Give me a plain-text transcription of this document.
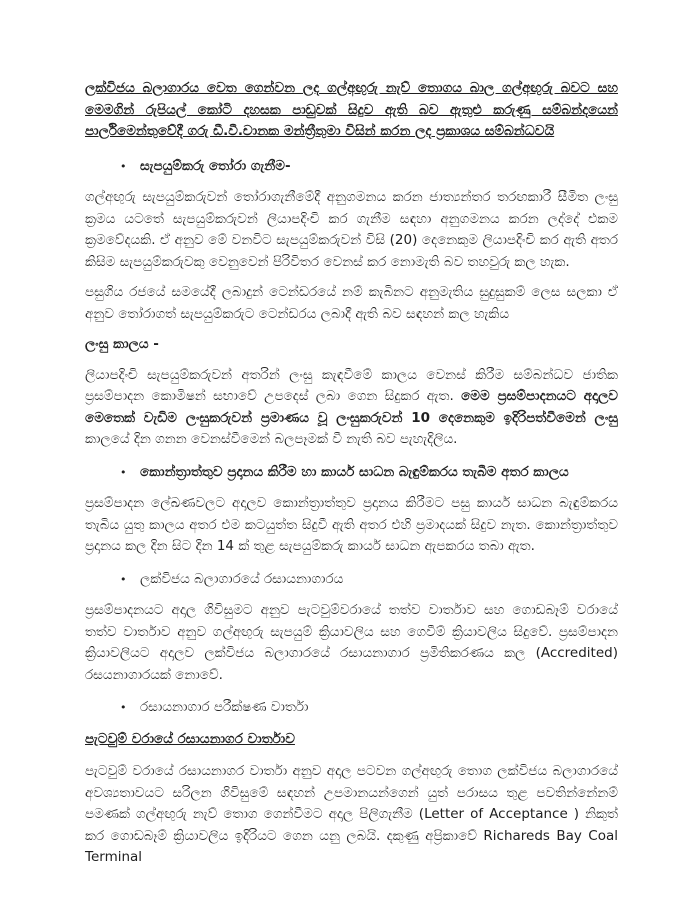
ලක්විජය බලාගාරය වෙත ගෙන්වන ලද ගල්අඟුරු නැව් තොගය බාල ගල්අඟුරු බවට සහ මෙමගින් රුපියල් කෝටි දහසක පාඩුවක් සිදුව ඇති බව ඇතුළු කරුණු සම්බන්දයෙන් පාර්ලිමෙන්තුවේදී ගරු ඩී.වී.චානක මන්ත්‍රීතුමා විසින් කරන ලද ප්‍රකාශය සම්බන්ධවයි

•	සැපයුම්කරු තෝරා ගැනීම-

ගල්අඟුරු සැපයුම්කරුවන් තෝරාගැනීමේදී අනුගමනය කරන ජාත්‍යන්තර තරඟකාරී සීමිත ලංසු ක්‍රමය යටතේ සැපයුම්කරුවන් ලියාපදිංචි කර ගැනීම සඳහා අනුගමනය කරන ලද්දේ එකම ක්‍රමවේදයකි. ඒ අනුව මේ වනවිට සැපයුම්කරුවන් විසි (20) දෙනෙකුම ලියාපදිංචි කර ඇති අතර කිසිම සැපයුම්කරුවකු වෙනුවෙන් පිරිවිතර වෙනස් කර නොමැති බව තහවුරු කල හැක.

පසුගිය රජයේ සමයේදී ලබාදුන් ටෙන්ඩරයේ නම් කැබිනට අනුමැතිය සුදුසුකම් ලෙස සලකා ඒ අනුව තෝරාගත් සැපයුම්කරුට ටෙන්ඩරය ලබාදී ඇති බව සඳහන් කල හැකිය

ලංසු කාලය -

ලියාපදිංචි සැපයුම්කරුවන් අතරින් ලංසු කැඳවීමේ කාලය වෙනස් කිරීම සම්බන්ධව ජාතික ප්‍රසම්පාදන කොමිෂන් සභාවේ උපදෙස් ලබා ගෙන සිදුකර ඇත. මෙම ප්‍රසම්පාදනයට අදාලව මෙතෙක් වැඩිම ලංසුකරුවන් ප්‍රමාණය වූ ලංසුකරුවන් 10 දෙනෙකුම ඉදිරිපත්වීමෙන් ලංසු කාලයේ දින ගනන වෙනස්වීමෙන් බලපෑමක් වී නැති බව පැහැදිලිය.

•	කොන්ත්‍රාත්තුව ප්‍රදානය කිරීම හා කාර්ය සාධන බැඳුම්කරය තැබීම අතර කාලය

ප්‍රසම්පාදන ලේඛණවලට අදාලව කොන්ත්‍රාත්තුව ප්‍රදානය කිරීමට පසු කාර්ය සාධන බැඳුම්කරය තැබිය යුතු කාලය අතර එම කටයුත්ත සිදුවී ඇති අතර එහි ප්‍රමාදයක් සිදුව නැත. කොන්ත්‍රාත්තුව ප්‍රදානය කල දින සිට දින 14 ක් තුළ සැපයුම්කරු කාර්ය සාධන ඇපකරය තබා ඇත.

•	ලක්විජය බලාගාරයේ රසායනාගාරය

ප්‍රසම්පාදනයට අදාල ගිවිසුමට අනුව පැටවුම්වරායේ තත්ව වාර්තාව සහ ගොඩබෑම් වරායේ තත්ව වාර්තාව අනුව ගල්අඟුරු සැපයුම් ක්‍රියාවලිය සහ ගෙවීම් ක්‍රියාවලිය සිදුවේ. ප්‍රසම්පාදන ක්‍රියාවලියට අදාලව ලක්විජය බලාගාරයේ රසායනාගාර ප්‍රමිතිකරණය කල (Accredited) රසයනාගාරයක් නොවේ.

•	රසායනාගාර පරීක්ෂණ වාර්තා

පැටවුම් වරායේ රසායනාගර වාර්තාව

පැටවුම් වරායේ රසායනාගර වාර්තා අනුව අදාල පටවන ගල්අඟුරු තොග ලක්විජය බලාගාරයේ අවශ්‍යතාවයට සරිලන ගිවිසුමේ සඳහන් උපමානයන්ගෙන් යුත් පරාසය තුළ පවතින්නේනම් පමණක් ගල්අඟුරු නැව් තොග ගෙන්වීමට අදාල පිලිගැනීම (Letter of Acceptance ) නිකුත් කර ගොඩබෑම් ක්‍රියාවලිය ඉදිරියට ගෙන යනු ලබයි. දකුණු අප්‍රිකාවේ Richareds Bay Coal Terminal
